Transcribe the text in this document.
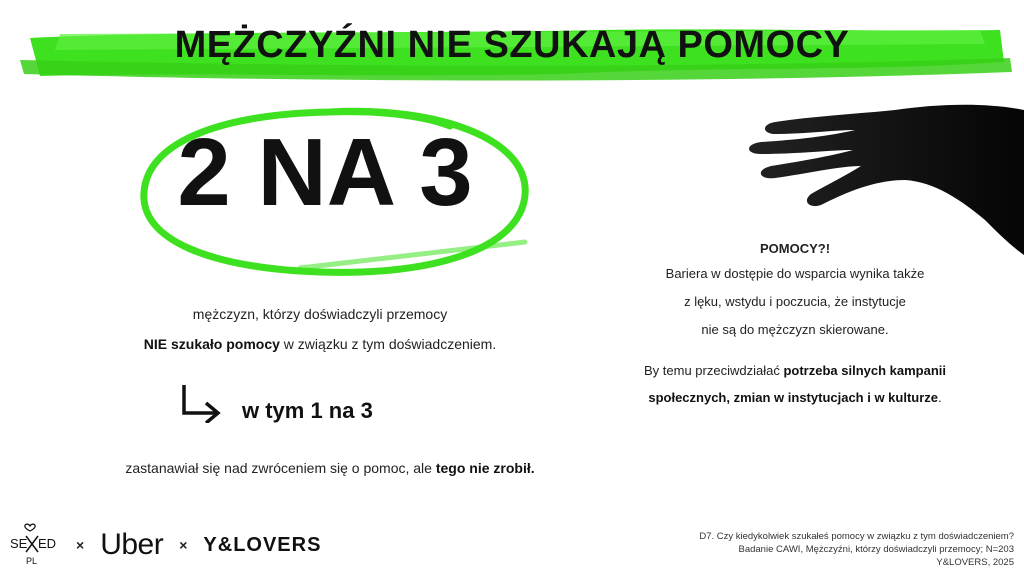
MĘŻCZYŹNI NIE SZUKAJĄ POMOCY
2 NA 3
mężczyzn, którzy doświadczyli przemocy
NIE szukało pomocy w związku z tym doświadczeniem.
w tym 1 na 3
zastanawiał się nad zwróceniem się o pomoc, ale tego nie zrobił.
POMOCY?!
Bariera w dostępie do wsparcia wynika także
z lęku, wstydu i poczucia, że instytucje
nie są do mężczyzn skierowane.
By temu przeciwdziałać potrzeba silnych kampanii
społecznych, zmian w instytucjach i w kulturze.
SE ED
PL
× Uber × Y&LOVERS	D7. Czy kiedykolwiek szukałeś pomocy w związku z tym doświadczeniem?
Badanie CAWI, Mężczyźni, którzy doświadczyli przemocy; N=203
Y&LOVERS, 2025
